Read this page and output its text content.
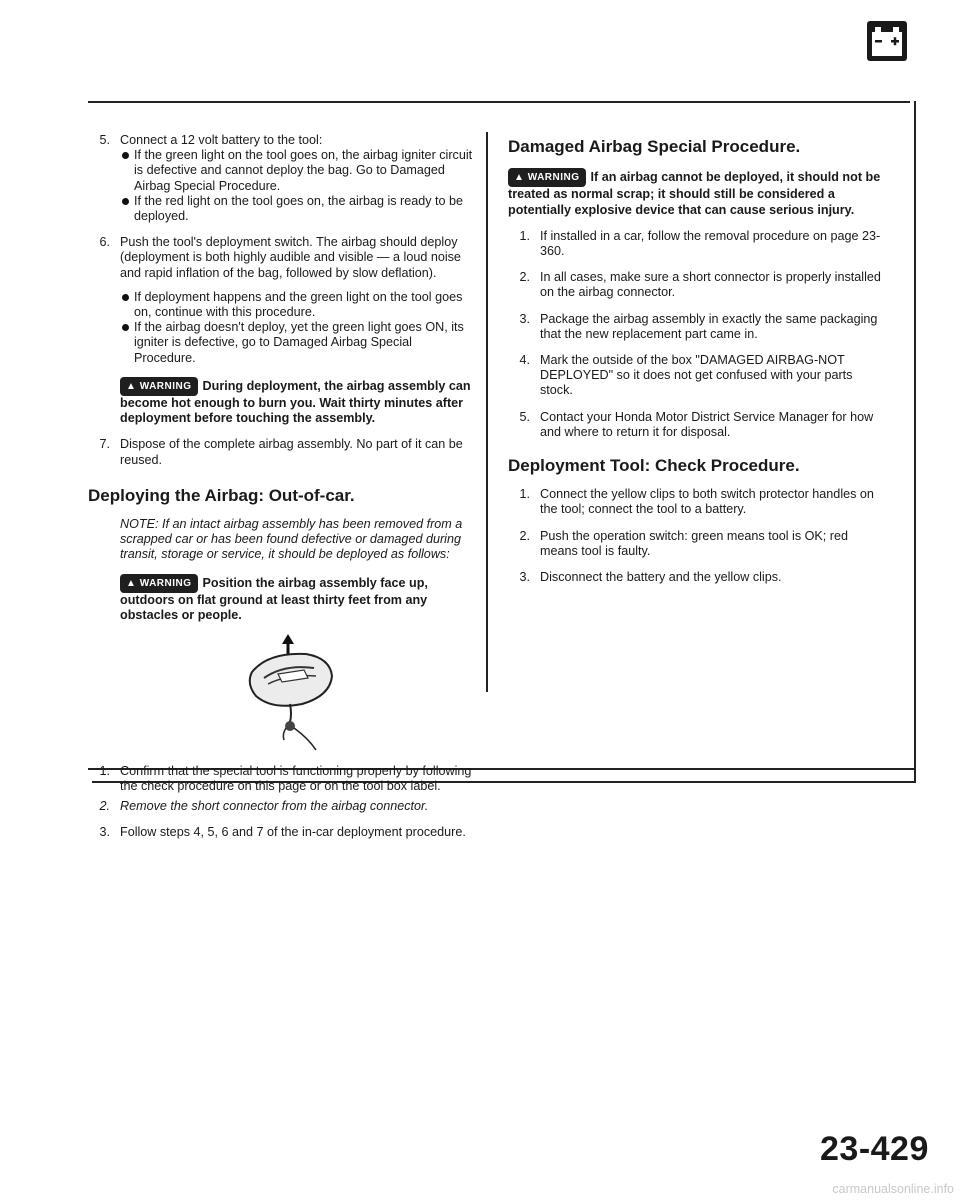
5. Connect a 12 volt battery to the tool:
If the green light on the tool goes on, the airbag igniter circuit is defective and cannot deploy the bag. Go to Damaged Airbag Special Procedure.
If the red light on the tool goes on, the airbag is ready to be deployed.
6. Push the tool's deployment switch. The airbag should deploy (deployment is both highly audible and visible — a loud noise and rapid inflation of the bag, followed by slow deflation).
If deployment happens and the green light on the tool goes on, continue with this procedure.
If the airbag doesn't deploy, yet the green light goes ON, its igniter is defective, go to Damaged Airbag Special Procedure.
▲ WARNING During deployment, the airbag assembly can become hot enough to burn you. Wait thirty minutes after deployment before touching the assembly.
7. Dispose of the complete airbag assembly. No part of it can be reused.
Deploying the Airbag: Out-of-car.
NOTE: If an intact airbag assembly has been removed from a scrapped car or has been found defective or damaged during transit, storage or service, it should be deployed as follows:
▲ WARNING Position the airbag assembly face up, outdoors on flat ground at least thirty feet from any obstacles or people.
1. Confirm that the special tool is functioning properly by following the check procedure on this page or on the tool box label.
2. Remove the short connector from the airbag connector.
3. Follow steps 4, 5, 6 and 7 of the in-car deployment procedure.
Damaged Airbag Special Procedure.
▲ WARNING If an airbag cannot be deployed, it should not be treated as normal scrap; it should still be considered a potentially explosive device that can cause serious injury.
1. If installed in a car, follow the removal procedure on page 23-360.
2. In all cases, make sure a short connector is properly installed on the airbag connector.
3. Package the airbag assembly in exactly the same packaging that the new replacement part came in.
4. Mark the outside of the box "DAMAGED AIRBAG-NOT DEPLOYED" so it does not get confused with your parts stock.
5. Contact your Honda Motor District Service Manager for how and where to return it for disposal.
Deployment Tool: Check Procedure.
1. Connect the yellow clips to both switch protector handles on the tool; connect the tool to a battery.
2. Push the operation switch: green means tool is OK; red means tool is faulty.
3. Disconnect the battery and the yellow clips.
23-429
carmanualsonline.info
